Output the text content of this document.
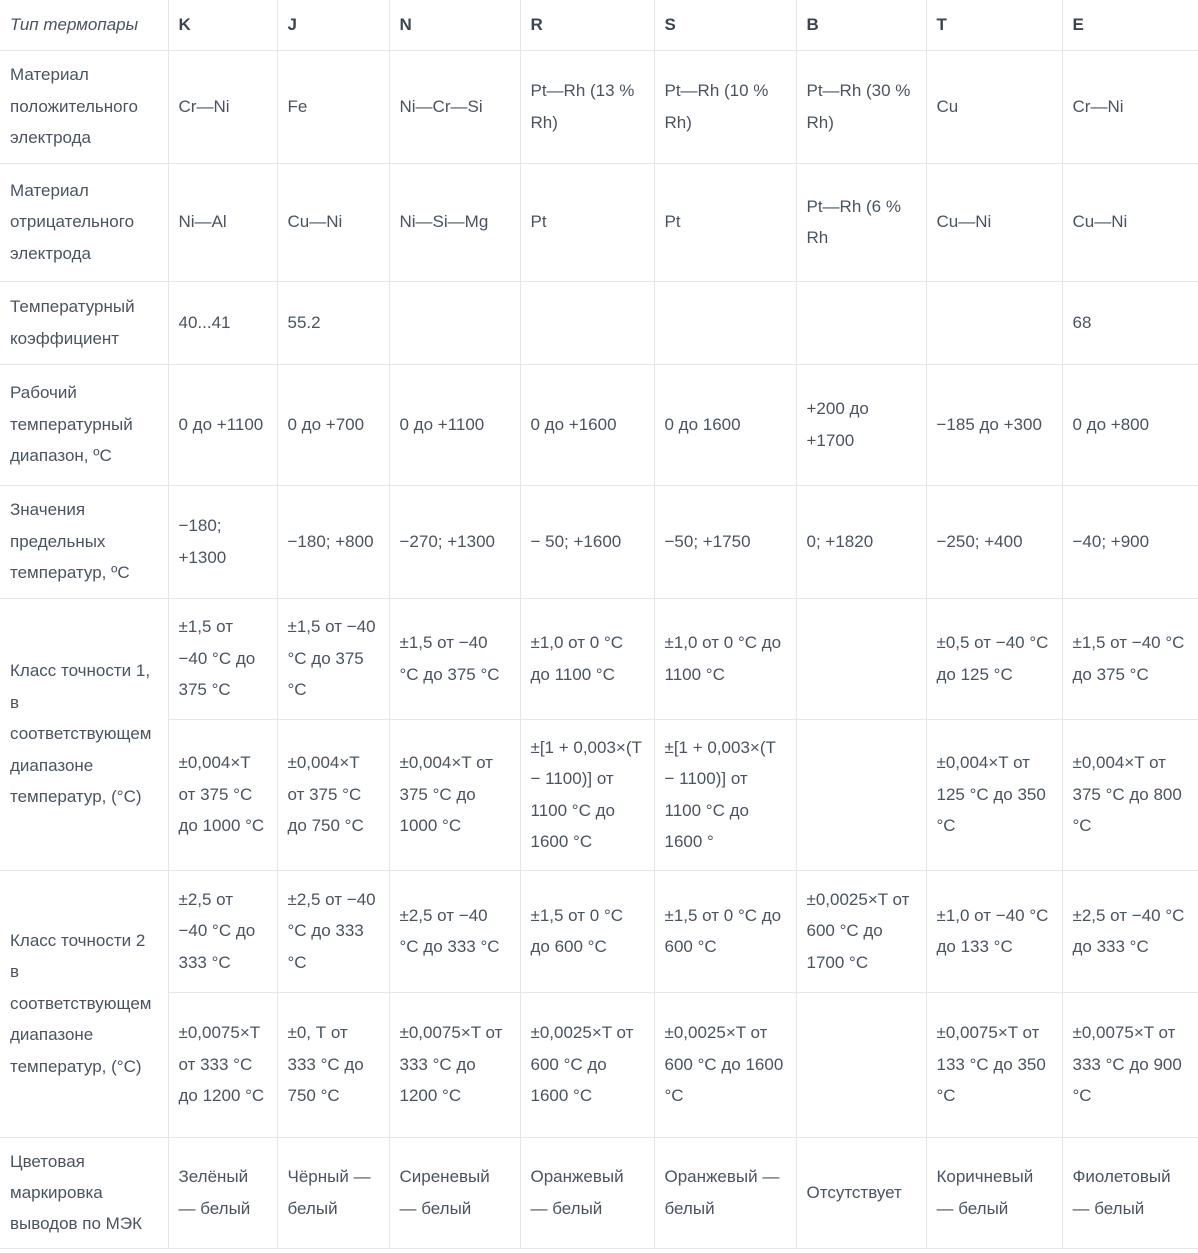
Тип термопары	K	J	N	R	S	B	T	E
Материал положительного электрода	Cr—Ni	Fe	Ni—Cr—Si	Pt—Rh (13 % Rh)	Pt—Rh (10 % Rh)	Pt—Rh (30 % Rh)	Cu	Cr—Ni
Материал отрицательного электрода	Ni—Al	Cu—Ni	Ni—Si—Mg	Pt	Pt	Pt—Rh (6 % Rh	Cu—Ni	Cu—Ni
Температурный коэффициент	40...41	55.2						68
Рабочий температурный диапазон, ºС	0 до +1100	0 до +700	0 до +1100	0 до +1600	0 до 1600	+200 до +1700	−185 до +300	0 до +800
Значения предельных температур, ºС	−180; +1300	−180; +800	−270; +1300	− 50; +1600	−50; +1750	0; +1820	−250; +400	−40; +900
Класс точности 1, в соответствующем диапазоне температур, (°С)	±1,5 от −40 °C до 375 °C	±1,5 от −40 °C до 375 °C	±1,5 от −40 °C до 375 °C	±1,0 от 0 °C до 1100 °C	±1,0 от 0 °C до 1100 °C		±0,5 от −40 °C до 125 °C	±1,5 от −40 °C до 375 °C
	±0,004×T от 375 °C до 1000 °C	±0,004×T от 375 °C до 750 °C	±0,004×T от 375 °C до 1000 °C	±[1 + 0,003×(T − 1100)] от 1100 °C до 1600 °C	±[1 + 0,003×(T − 1100)] от 1100 °C до 1600 °		±0,004×T от 125 °C до 350 °C	±0,004×T от 375 °C до 800 °C
Класс точности 2 в соответствующем диапазоне температур, (°С)	±2,5 от −40 °C до 333 °C	±2,5 от −40 °C до 333 °C	±2,5 от −40 °C до 333 °C	±1,5 от 0 °C до 600 °C	±1,5 от 0 °C до 600 °C	±0,0025×T от 600 °C до 1700 °C	±1,0 от −40 °C до 133 °C	±2,5 от −40 °C до 333 °C
	±0,0075×T от 333 °C до 1200 °C	±0, Т от 333 °C до 750 °C	±0,0075×T от 333 °C до 1200 °C	±0,0025×T от 600 °C до 1600 °C	±0,0025×T от 600 °C до 1600 °C		±0,0075×T от 133 °C до 350 °C	±0,0075×T от 333 °C до 900 °C
Цветовая маркировка выводов по МЭК	Зелёный — белый	Чёрный — белый	Сиреневый — белый	Оранжевый — белый	Оранжевый — белый	Отсутствует	Коричневый — белый	Фиолетовый — белый
